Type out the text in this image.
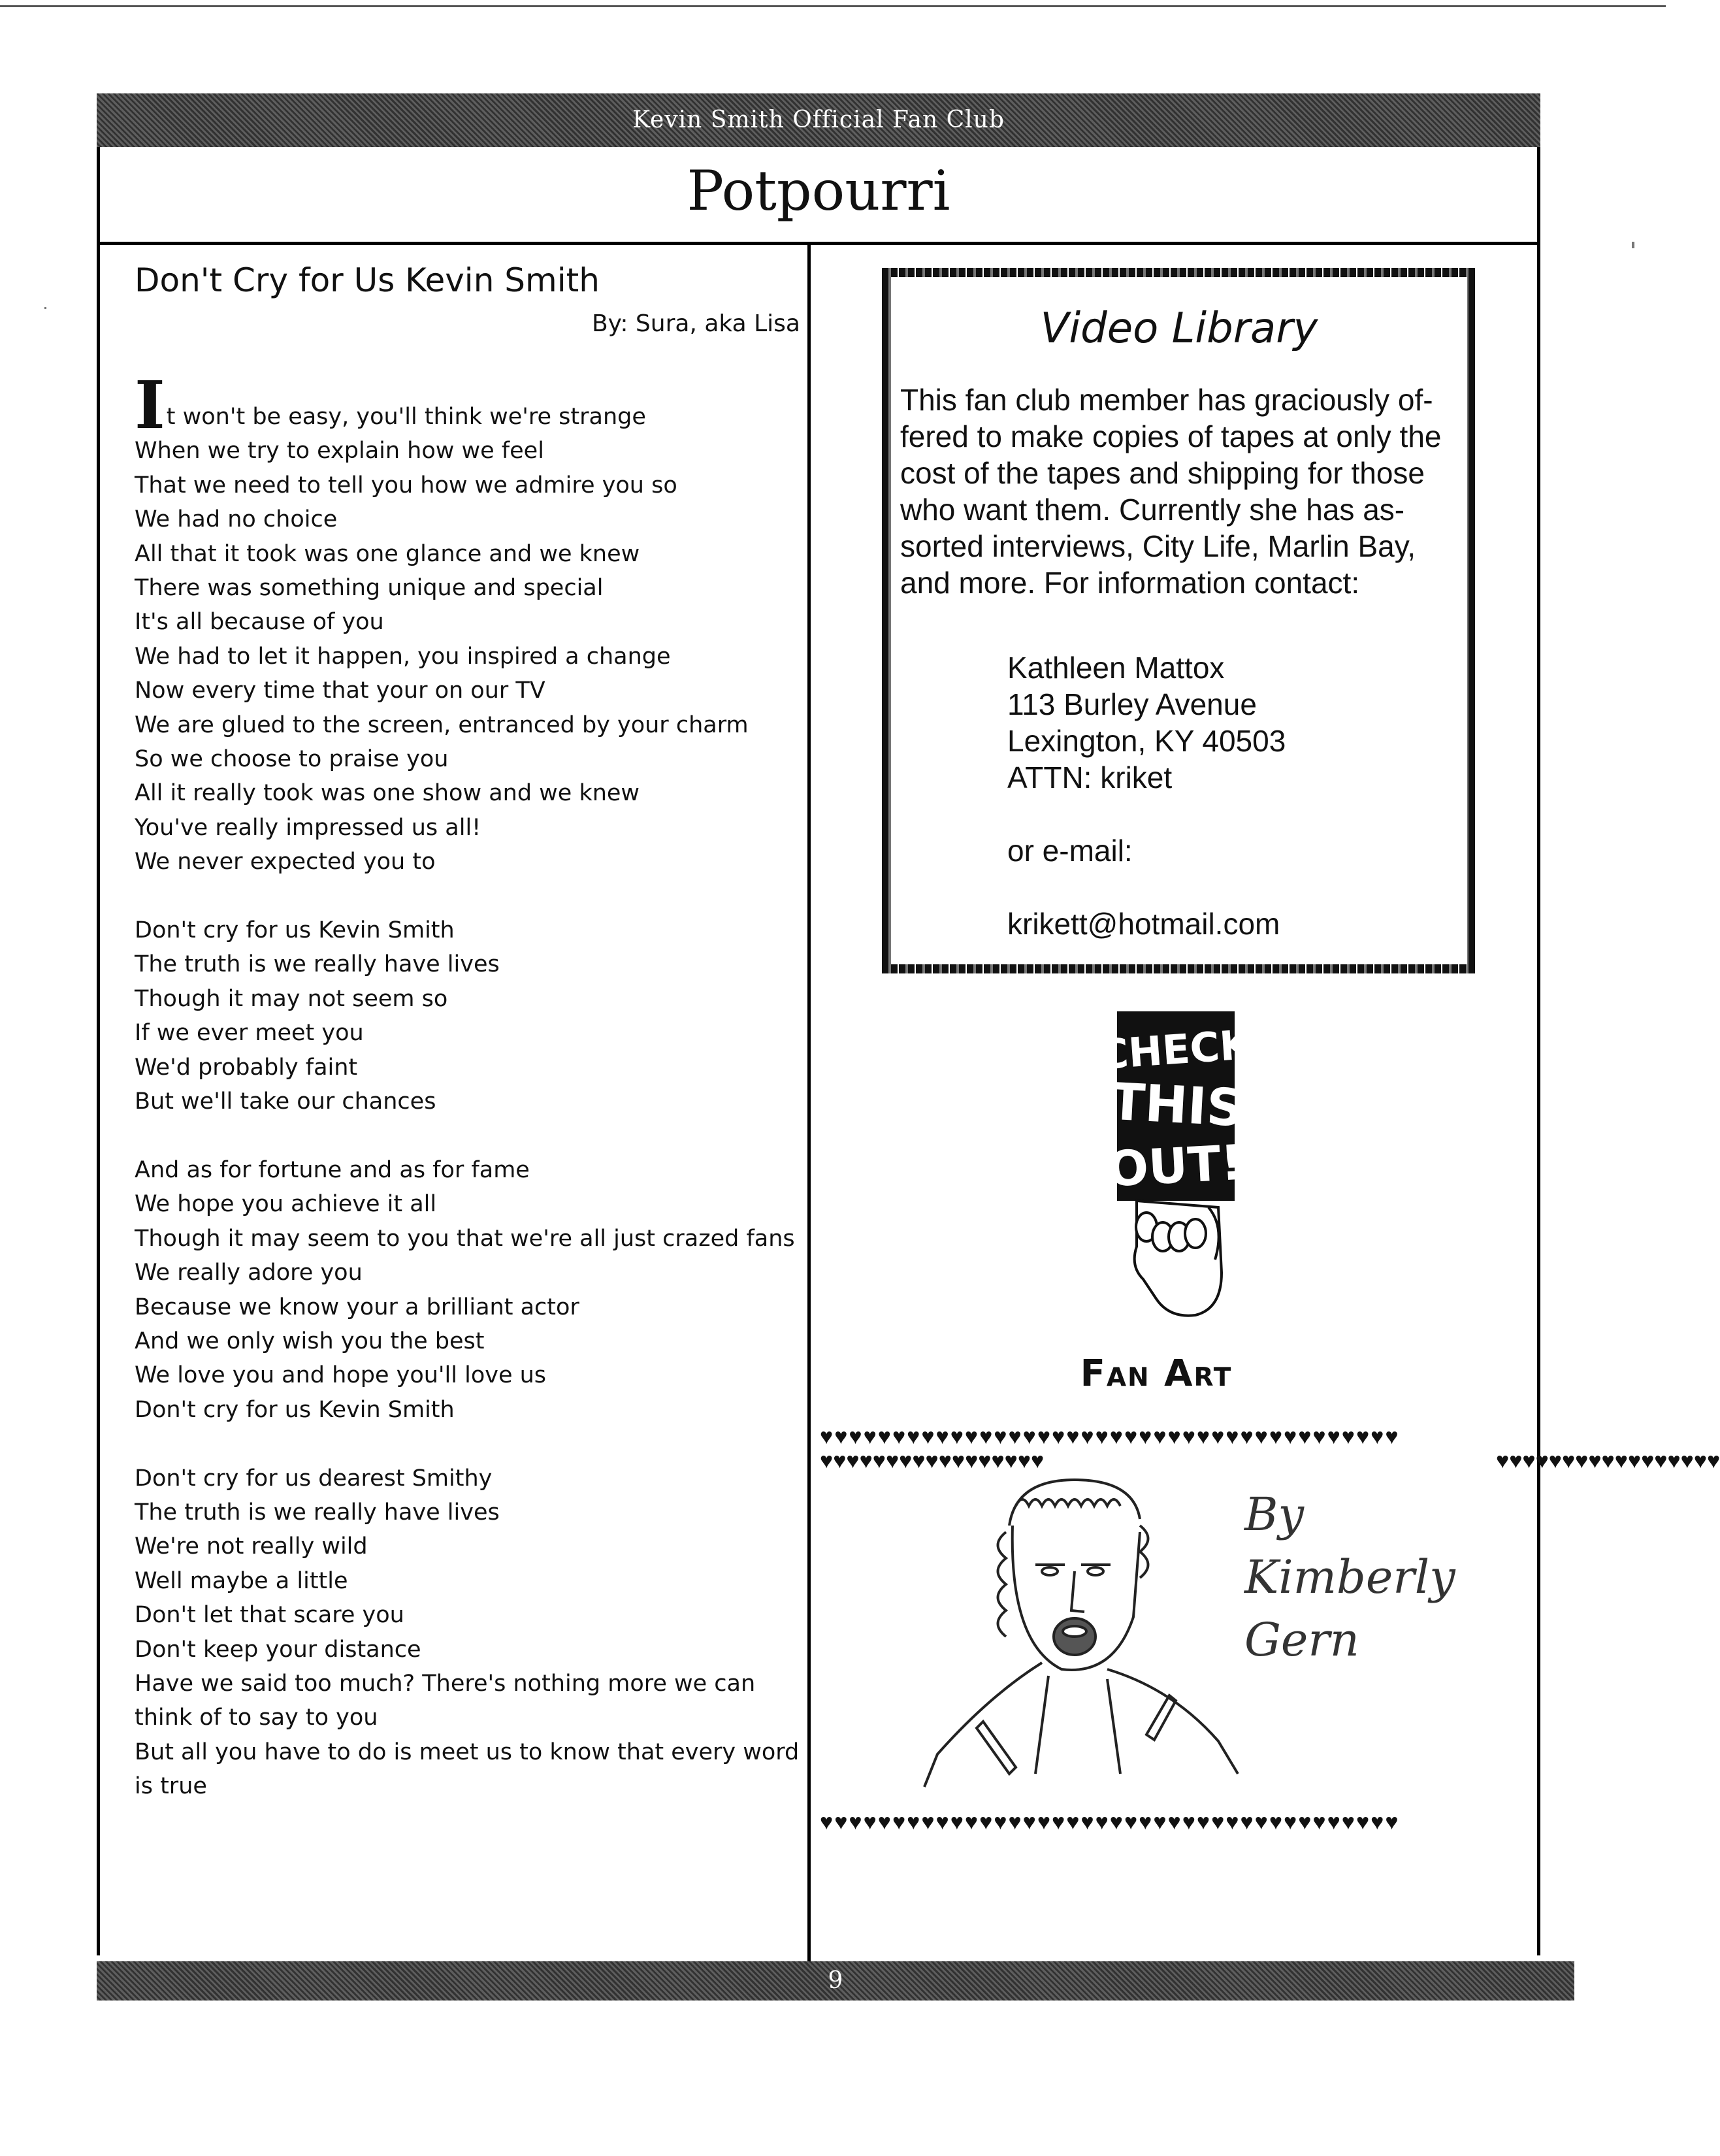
Kevin Smith Official Fan Club
Potpourri
Don't Cry for Us Kevin Smith
By: Sura, aka Lisa
It won't be easy, you'll think we're strange
When we try to explain how we feel
That we need to tell you how we admire you so
We had no choice
All that it took was one glance and we knew
There was something unique and special
It's all because of you
We had to let it happen, you inspired a change
Now every time that your on our TV
We are glued to the screen, entranced by your charm
So we choose to praise you
All it really took was one show and we knew
You've really impressed us all!
We never expected you to
Don't cry for us Kevin Smith
The truth is we really have lives
Though it may not seem so
If we ever meet you
We'd probably faint
But we'll take our chances
And as for fortune and as for fame
We hope you achieve it all
Though it may seem to you that we're all just crazed fans
We really adore you
Because we know your a brilliant actor
And we only wish you the best
We love you and hope you'll love us
Don't cry for us Kevin Smith
Don't cry for us dearest Smithy
The truth is we really have lives
We're not really wild
Well maybe a little
Don't let that scare you
Don't keep your distance
Have we said too much? There's nothing more we can think of to say to you
But all you have to do is meet us to know that every word is true
Video Library
This fan club member has graciously of-
fered to make copies of tapes at only the
cost of the tapes and shipping for those
who want them. Currently she has as-
sorted interviews, City Life, Marlin Bay,
and more. For information contact:
Kathleen Mattox
113 Burley Avenue
Lexington, KY 40503
ATTN: kriket
or e-mail:
krikett@hotmail.com
CHECK
THIS
OUT!
Fan Art
♥♥♥♥♥♥♥♥♥♥♥♥♥♥♥♥♥♥♥♥♥♥♥♥♥♥♥♥♥♥♥♥♥♥♥♥♥♥♥♥
♥♥♥♥♥♥♥♥♥♥♥♥♥♥♥♥♥♥♥♥♥♥♥♥♥♥♥♥♥♥♥♥♥♥♥♥♥♥♥♥
♥♥♥♥♥♥♥♥♥♥♥♥♥♥♥♥♥	♥♥♥♥♥♥♥♥♥♥♥♥♥♥♥♥♥
By
Kimberly
Gern
9
